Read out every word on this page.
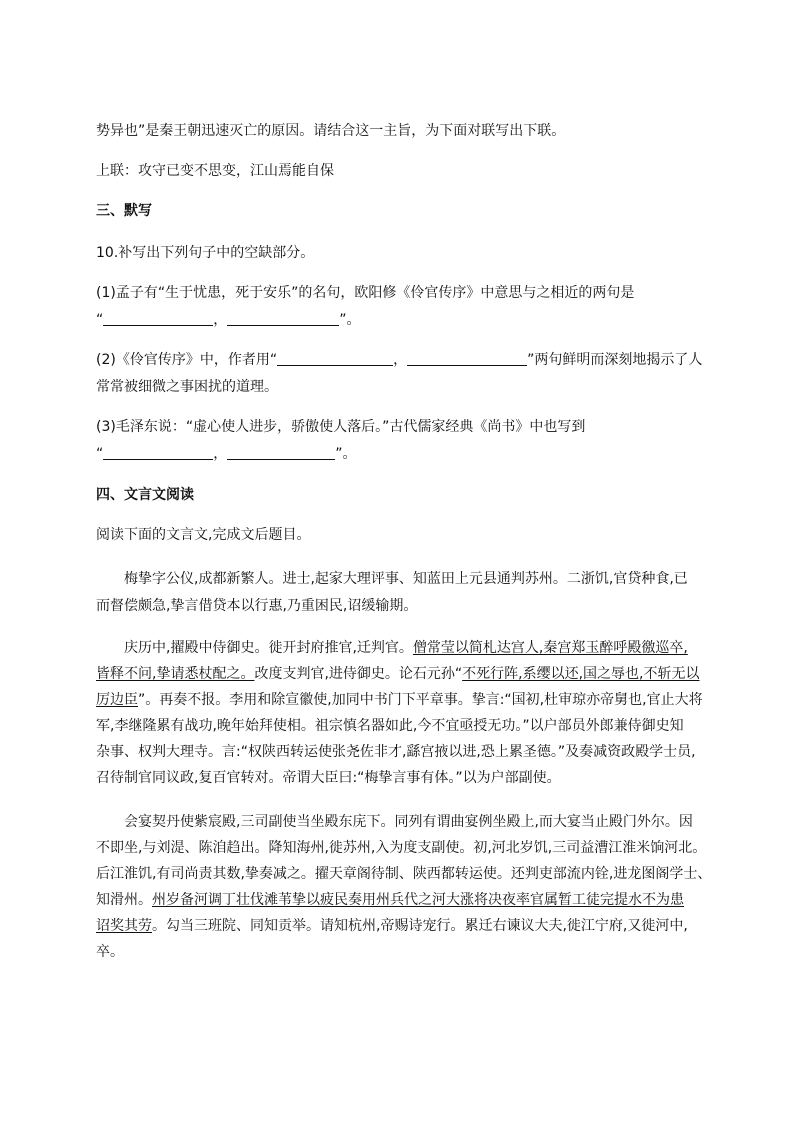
势异也”是秦王朝迅速灭亡的原因。请结合这一主旨，为下面对联写出下联。
上联：攻守已变不思变，江山焉能自保
三、默写
10.补写出下列句子中的空缺部分。
(1)孟子有“生于忧患，死于安乐”的名句，欧阳修《伶官传序》中意思与之相近的两句是
“	，	”。
(2)《伶官传序》中，作者用“	，	”两句鲜明而深刻地揭示了人
常常被细微之事困扰的道理。
(3)毛泽东说：“虚心使人进步，骄傲使人落后。”古代儒家经典《尚书》中也写到
“	，	”。
四、文言文阅读
阅读下面的文言文,完成文后题目。
梅挚字公仪,成都新繁人。进士,起家大理评事、知蓝田上元县通判苏州。二浙饥,官贷种食,已
而督偿颇急,挚言借贷本以行惠,乃重困民,诏缓输期。
庆历中,擢殿中侍御史。徙开封府推官,迁判官。僧常莹以简札达宫人,秦宫郑玉醉呼殿徼巡卒,
皆释不问,挚请悉杖配之。改度支判官,进侍御史。论石元孙“不死行阵,系缨以还,国之辱也,不斩无以
厉边臣”。再奏不报。李用和除宣徽使,加同中书门下平章事。挚言:“国初,杜审琼亦帝舅也,官止大将
军,李继隆累有战功,晚年始拜使相。祖宗慎名器如此,今不宜亟授无功。”以户部员外郎兼侍御史知
杂事、权判大理寺。言:“权陕西转运使张尧佐非才,繇宫掖以进,恐上累圣德。”及奏减资政殿学士员,
召待制官同议政,复百官转对。帝谓大臣曰:“梅挚言事有体。”以为户部副使。
会宴契丹使紫宸殿,三司副使当坐殿东庑下。同列有谓曲宴例坐殿上,而大宴当止殿门外尔。因
不即坐,与刘湜、陈洎趋出。降知海州,徙苏州,入为度支副使。初,河北岁饥,三司益漕江淮米饷河北。
后江淮饥,有司尚责其数,挚奏减之。擢天章阁待制、陕西都转运使。还判吏部流内铨,进龙图阁学士、
知滑州。州岁备河调丁壮伐滩苇挚以疲民奏用州兵代之河大涨将决夜率官属暂工徒完提水不为患
诏奖其劳。勾当三班院、同知贡举。请知杭州,帝赐诗宠行。累迁右谏议大夫,徙江宁府,又徙河中,
卒。
